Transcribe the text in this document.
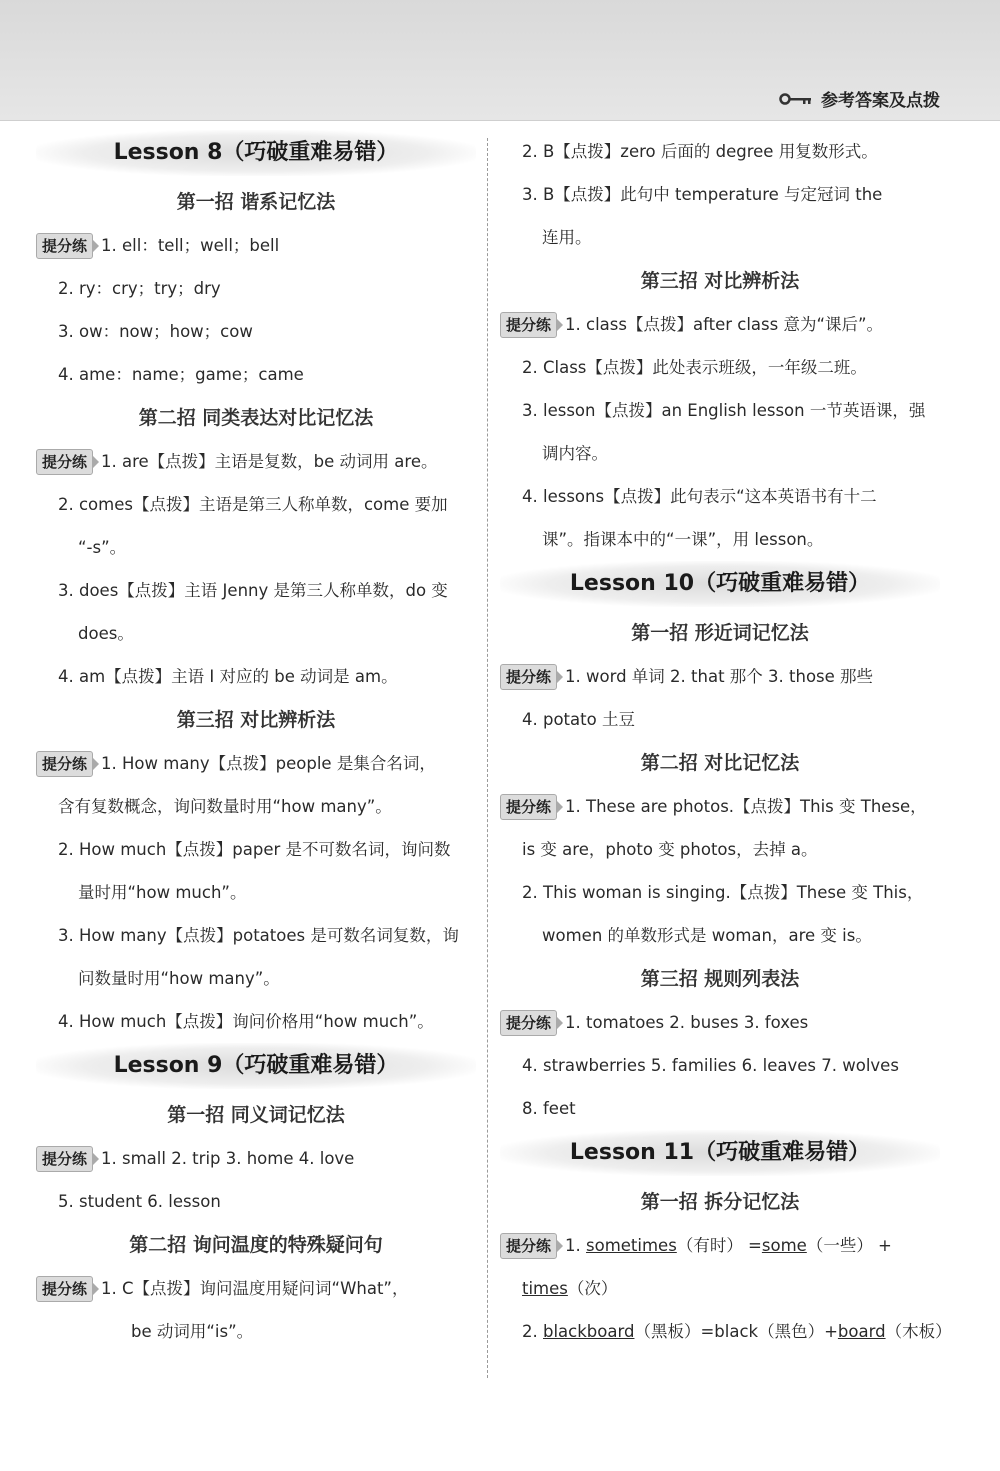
参考答案及点拨
Lesson 8（巧破重难易错）
第一招 谐系记忆法
提分练 1. ell：tell；well；bell
2. ry：cry；try；dry
3. ow：now；how；cow
4. ame：name；game；came
第二招 同类表达对比记忆法
提分练 1. are【点拨】主语是复数，be 动词用 are。
2. comes【点拨】主语是第三人称单数，come 要加
“-s”。
3. does【点拨】主语 Jenny 是第三人称单数，do 变
does。
4. am【点拨】主语 I 对应的 be 动词是 am。
第三招 对比辨析法
提分练 1. How many【点拨】people 是集合名词，
含有复数概念，询问数量时用“how many”。
2. How much【点拨】paper 是不可数名词，询问数
量时用“how much”。
3. How many【点拨】potatoes 是可数名词复数，询
问数量时用“how many”。
4. How much【点拨】询问价格用“how much”。
Lesson 9（巧破重难易错）
第一招 同义词记忆法
提分练 1. small 2. trip 3. home 4. love
5. student 6. lesson
第二招 询问温度的特殊疑问句
提分练 1. C【点拨】询问温度用疑问词“What”，
be 动词用“is”。
2. B【点拨】zero 后面的 degree 用复数形式。
3. B【点拨】此句中 temperature 与定冠词 the
连用。
第三招 对比辨析法
提分练 1. class【点拨】after class 意为“课后”。
2. Class【点拨】此处表示班级，一年级二班。
3. lesson【点拨】an English lesson 一节英语课，强
调内容。
4. lessons【点拨】此句表示“这本英语书有十二
课”。指课本中的“一课”，用 lesson。
Lesson 10（巧破重难易错）
第一招 形近词记忆法
提分练 1. word 单词 2. that 那个 3. those 那些
4. potato 土豆
第二招 对比记忆法
提分练 1. These are photos.【点拨】This 变 These，
is 变 are，photo 变 photos，去掉 a。
2. This woman is singing.【点拨】These 变 This，
women 的单数形式是 woman，are 变 is。
第三招 规则列表法
提分练 1. tomatoes 2. buses 3. foxes
4. strawberries 5. families 6. leaves 7. wolves
8. feet
Lesson 11（巧破重难易错）
第一招 拆分记忆法
提分练 1.
sometimes （有时） = some （一些） +
times（次）
2. blackboard（黑板）=black（黑色）+board（木板）
